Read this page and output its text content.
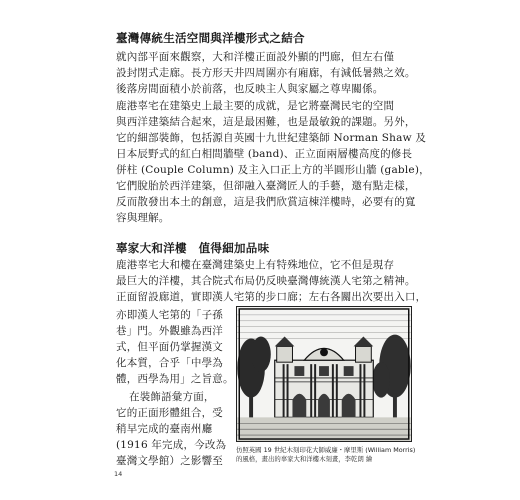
臺灣傳統生活空間與洋樓形式之結合
就內部平面來觀察，大和洋樓正面設外顯的門廊，但左右僅
設封閉式走廊。長方形天井四周圍亦有廂廊，有減低暑熱之效。
後落房間面積小於前落，也反映主人與家屬之尊卑關係。
鹿港辜宅在建築史上最主要的成就，是它將臺灣民宅的空間
與西洋建築結合起來，這是最困難，也是最敏銳的課題。另外，
它的細部裝飾，包括源自英國十九世紀建築師 Norman Shaw 及
日本辰野式的紅白相間牆壁 (band)、正立面兩層樓高度的修長
併柱 (Couple Column) 及主入口正上方的半圓形山牆 (gable)，
它們脫胎於西洋建築，但卻融入臺灣匠人的手藝，邀有點走樣，
反而散發出本土的創意，這是我們欣賞這棟洋樓時，必要有的寬
容與理解。
辜家大和洋樓　值得細加品味
鹿港辜宅大和樓在臺灣建築史上有特殊地位，它不但是現存
最巨大的洋樓，其合院式布局仍反映臺灣傳統漢人宅第之精神。
正面留設廊道，實即漢人宅第的步口廊；左右各關出次要出入口，
亦即漢人宅第的「子孫
巷」門。外觀雖為西洋
式，但平面仍掌握漢文
化本質，合乎「中學為
體，西學為用」之旨意。
在裝飾語彙方面，
它的正面形體組合，受
稍早完成的臺南州廳
(1916 年完成，今改為
臺灣文學館）之影響至
仿照英國 19 世紀木刻印花大師威廉・摩里斯 (William Morris)
的風格，畫出的辜家大和洋樓木刻畫，李乾朗 繪
14
